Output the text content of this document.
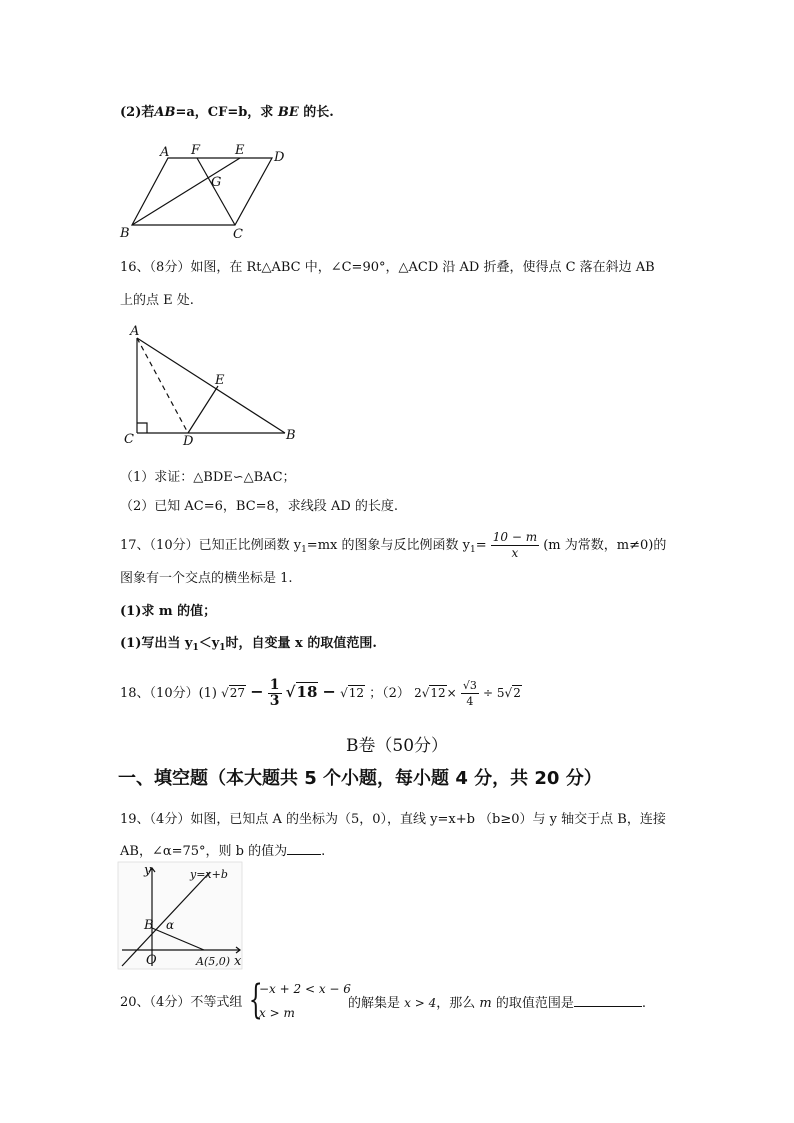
(2)若AB=a，CF=b，求 BE 的长.
A F	E D
G
B	C
16、（8分）如图，在 Rt△ABC 中，∠C=90°，△ACD 沿 AD 折叠，使得点 C 落在斜边 AB
上的点 E 处.
A
E
C	D	B
（1）求证：△BDE∽△BAC；
（2）已知 AC=6，BC=8，求线段 AD 的长度.
17、（10分）已知正比例函数 $y_1=mx$ 的图象与反比例函数 $y_1= \frac{10 - m}{x} (m$ 为常数，m≠0)的
图象有一个交点的横坐标是 1.
(1)求 m 的值；
(1)写出当 $y_1<y_1$时，自变量 x 的取值范围.
18、（10分）(1) $√27 - \frac{1}{3} √18 - √12$ ；（2） $2√12\times \frac{√3}{4} \div 5√2$
B卷（50分）
一、填空题（本大题共 5 个小题，每小题 4 分，共 20 分）
19、（4分）如图，已知点 A 的坐标为（5，0），直线 y=x+b （b≥0）与 y 轴交于点 B，连接
AB，∠α=75°，则 b 的值为	.
y	y=x+b
B α
O	A(5,0) x
20、（4分）不等式组 {
−x + 2 < x − 6
x > m
的解集是 x > 4，那么 m 的取值范围是	.
